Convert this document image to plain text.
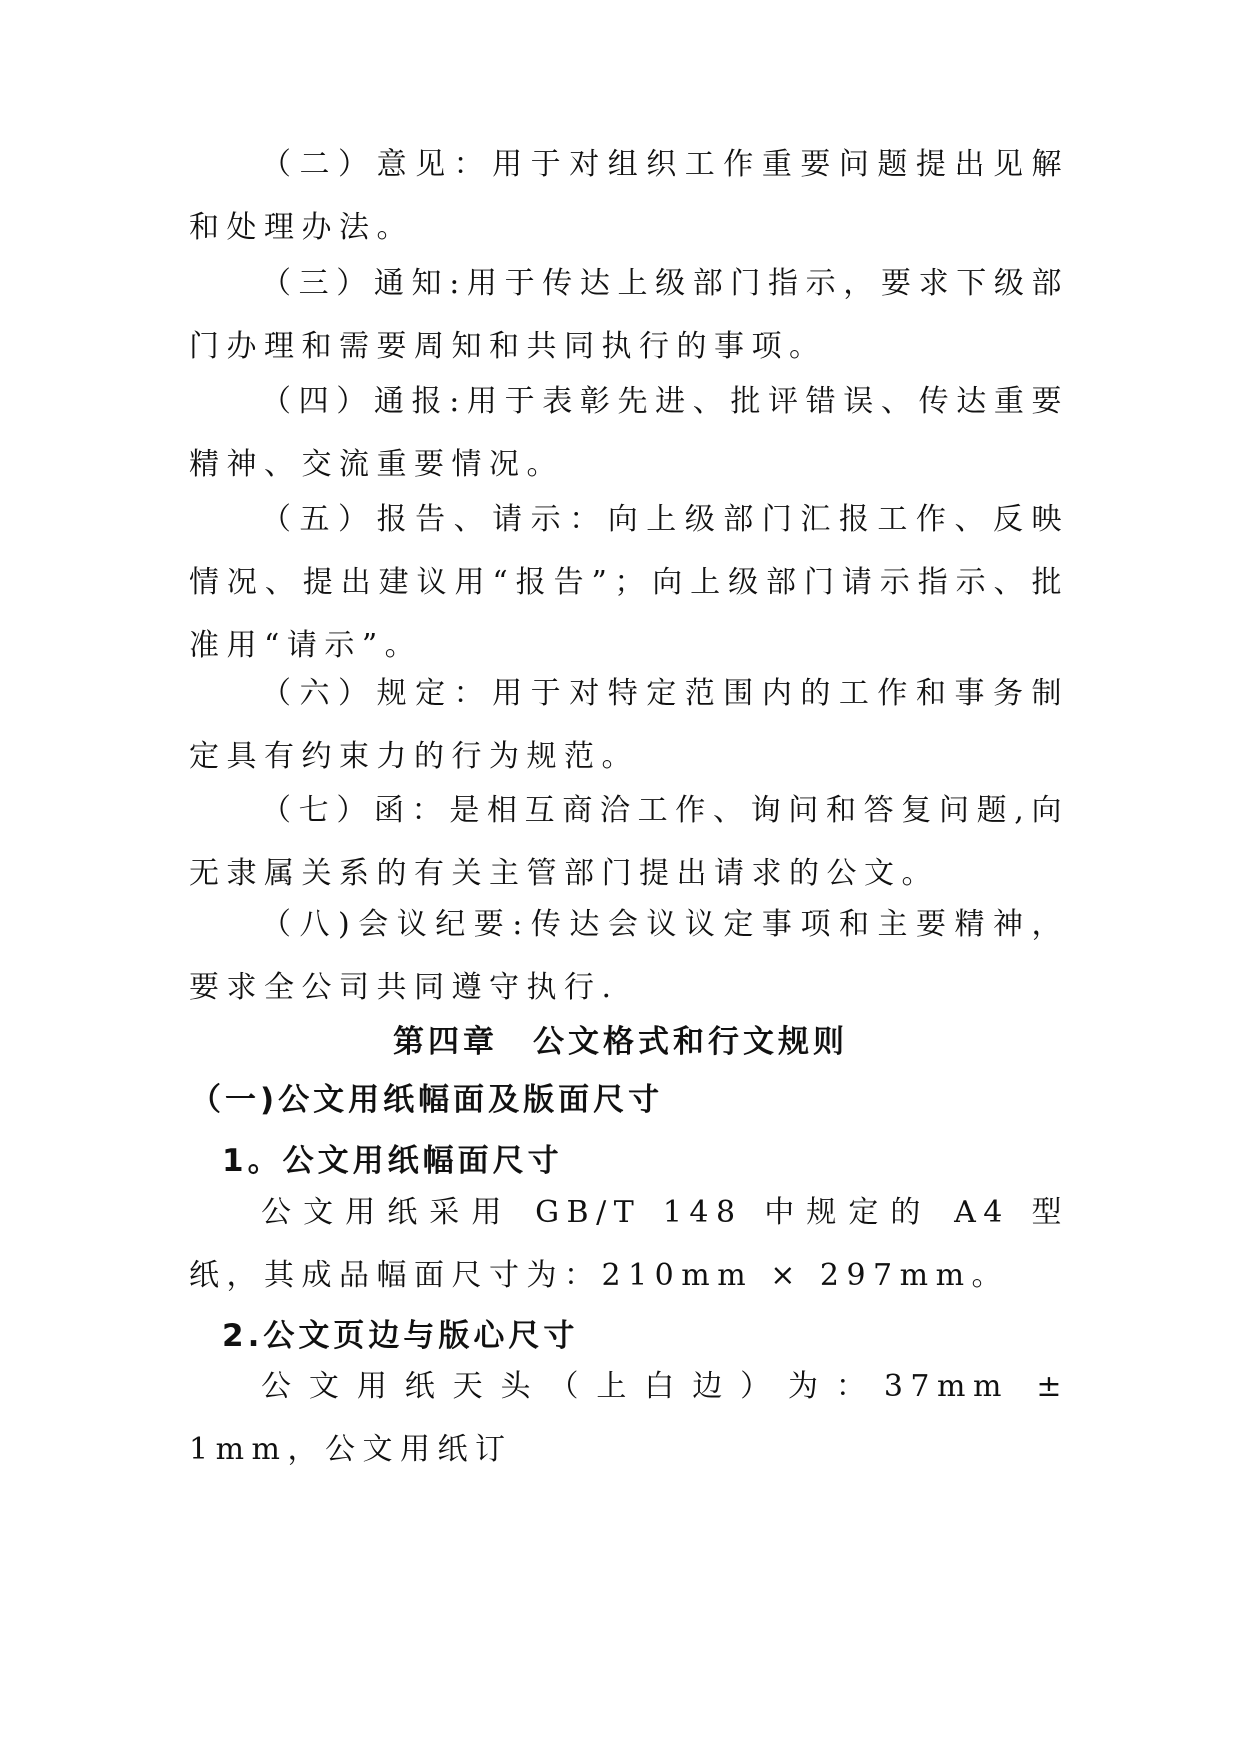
（二）意见：用于对组织工作重要问题提出见解和处理办法。

（三）通知:用于传达上级部门指示，要求下级部门办理和需要周知和共同执行的事项。

（四）通报:用于表彰先进、批评错误、传达重要精神、交流重要情况。

（五）报告、请示：向上级部门汇报工作、反映情况、提出建议用“报告”；向上级部门请示指示、批准用“请示”。

（六）规定：用于对特定范围内的工作和事务制定具有约束力的行为规范。

（七）函：是相互商洽工作、询问和答复问题,向无隶属关系的有关主管部门提出请求的公文。

（八)会议纪要:传达会议议定事项和主要精神，要求全公司共同遵守执行.

第四章　公文格式和行文规则
（一)公文用纸幅面及版面尺寸
1。公文用纸幅面尺寸

公文用纸采用 GB/T 148 中规定的 A4 型纸，其成品幅面尺寸为：210mm × 297mm。

2.公文页边与版心尺寸

公文用纸天头（上白边）为：37mm ± 1mm，公文用纸订
